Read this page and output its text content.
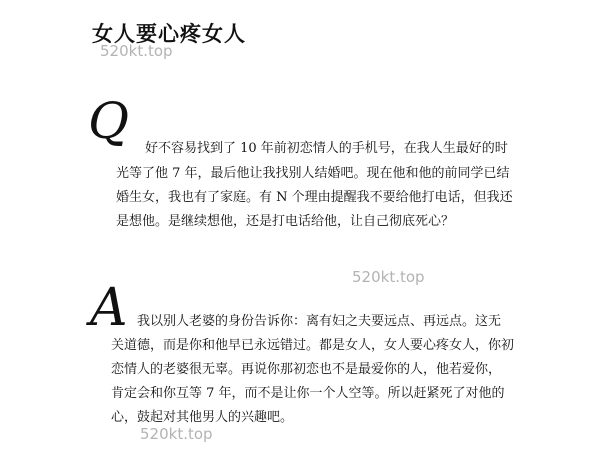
女人要心疼女人
520kt.top
520kt.top
520kt.top
Q 好不容易找到了 10 年前初恋情人的手机号，在我人生最好的时
光等了他 7 年，最后他让我找别人结婚吧。现在他和他的前同学已结
婚生女，我也有了家庭。有 N 个理由提醒我不要给他打电话，但我还
是想他。是继续想他，还是打电话给他，让自己彻底死心？
A 我以别人老婆的身份告诉你：离有妇之夫要远点、再远点。这无
关道德，而是你和他早已永远错过。都是女人，女人要心疼女人，你初
恋情人的老婆很无辜。再说你那初恋也不是最爱你的人，他若爱你，
肯定会和你互等 7 年，而不是让你一个人空等。所以赶紧死了对他的
心，鼓起对其他男人的兴趣吧。
